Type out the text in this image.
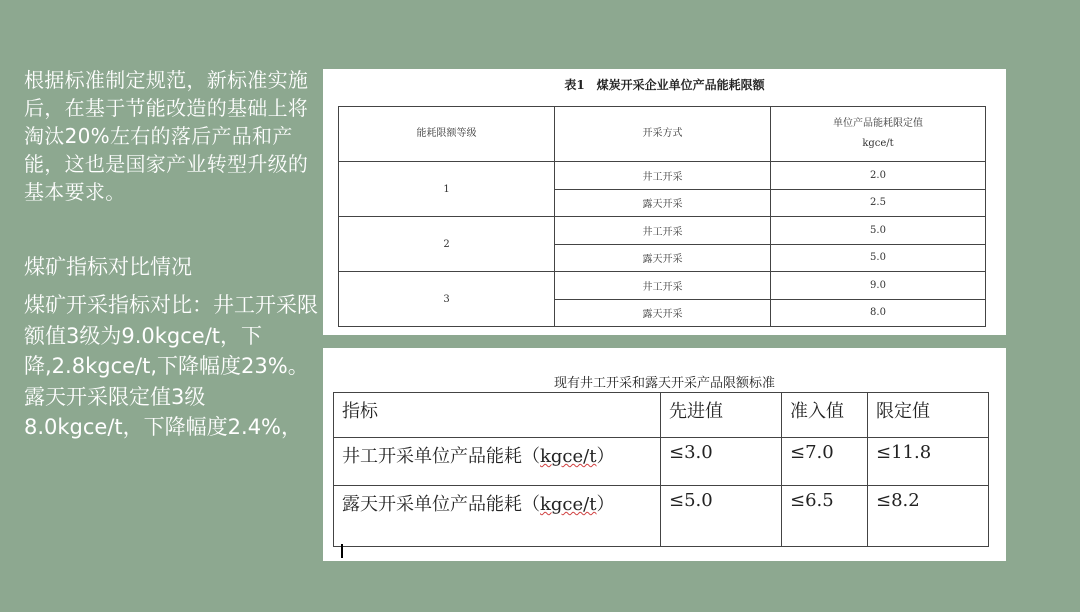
根据标准制定规范，新标准实施后，在基于节能改造的基础上将淘汰20%左右的落后产品和产能，这也是国家产业转型升级的基本要求。
煤矿指标对比情况
煤矿开采指标对比：井工开采限额值3级为9.0kgce/t，下降,2.8kgce/t,下降幅度23%。露天开采限定值3级8.0kgce/t，下降幅度2.4%，
表1　煤炭开采企业单位产品能耗限额
能耗限额等级	开采方式	单位产品能耗限定值
kgce/t

1	井工开采	2.0
	露天开采	2.5
2	井工开采	5.0
	露天开采	5.0
3	井工开采	9.0
	露天开采	8.0
现有井工开采和露天开采产品限额标准
指标	先进值	准入值	限定值
井工开采单位产品能耗（kgce/t）	≤3.0	≤7.0	≤11.8
露天开采单位产品能耗（kgce/t）	≤5.0	≤6.5	≤8.2
